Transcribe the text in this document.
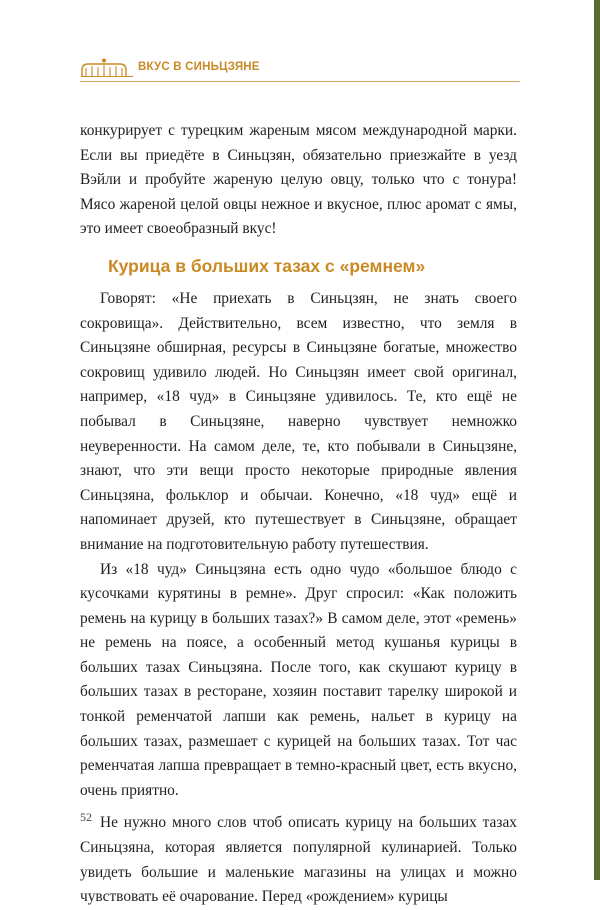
ВКУС В СИНЬЦЗЯНЕ

конкурирует с турецким жареным мясом международной марки. Если вы приедёте в Синьцзян, обязательно приезжайте в уезд Вэйли и пробуйте жареную целую овцу, только что с тонура! Мясо жареной целой овцы нежное и вкусное, плюс аромат с ямы, это имеет своеобразный вкус!

Курица в больших тазах с «ремнем»

Говорят: «Не приехать в Синьцзян, не знать своего сокровища». Действительно, всем известно, что земля в Синьцзяне обширная, ресурсы в Синьцзяне богатые, множество сокровищ удивило людей. Но Синьцзян имеет свой оригинал, например, «18 чуд» в Синьцзяне удивилось. Те, кто ещё не побывал в Синьцзяне, наверно чувствует немножко неуверенности. На самом деле, те, кто побывали в Синьцзяне, знают, что эти вещи просто некоторые природные явления Синьцзяна, фольклор и обычаи. Конечно, «18 чуд» ещё и напоминает друзей, кто путешествует в Синьцзяне, обращает внимание на подготовительную работу путешествия.

Из «18 чуд» Синьцзяна есть одно чудо «большое блюдо с кусочками курятины в ремне». Друг спросил: «Как положить ремень на курицу в больших тазах?» В самом деле, этот «ремень» не ремень на поясе, а особенный метод кушанья курицы в больших тазах Синьцзяна. После того, как скушают курицу в больших тазах в ресторане, хозяин поставит тарелку широкой и тонкой ременчатой лапши как ремень, нальет в курицу на больших тазах, размешает с курицей на больших тазах. Тот час ременчатая лапша превращает в темно-красный цвет, есть вкусно, очень приятно.

Не нужно много слов чтоб описать курицу на больших тазах Синьцзяна, которая является популярной кулинарией. Только увидеть большие и маленькие магазины на улицах и можно чувствовать её очарование. Перед «рождением» курицы

52
